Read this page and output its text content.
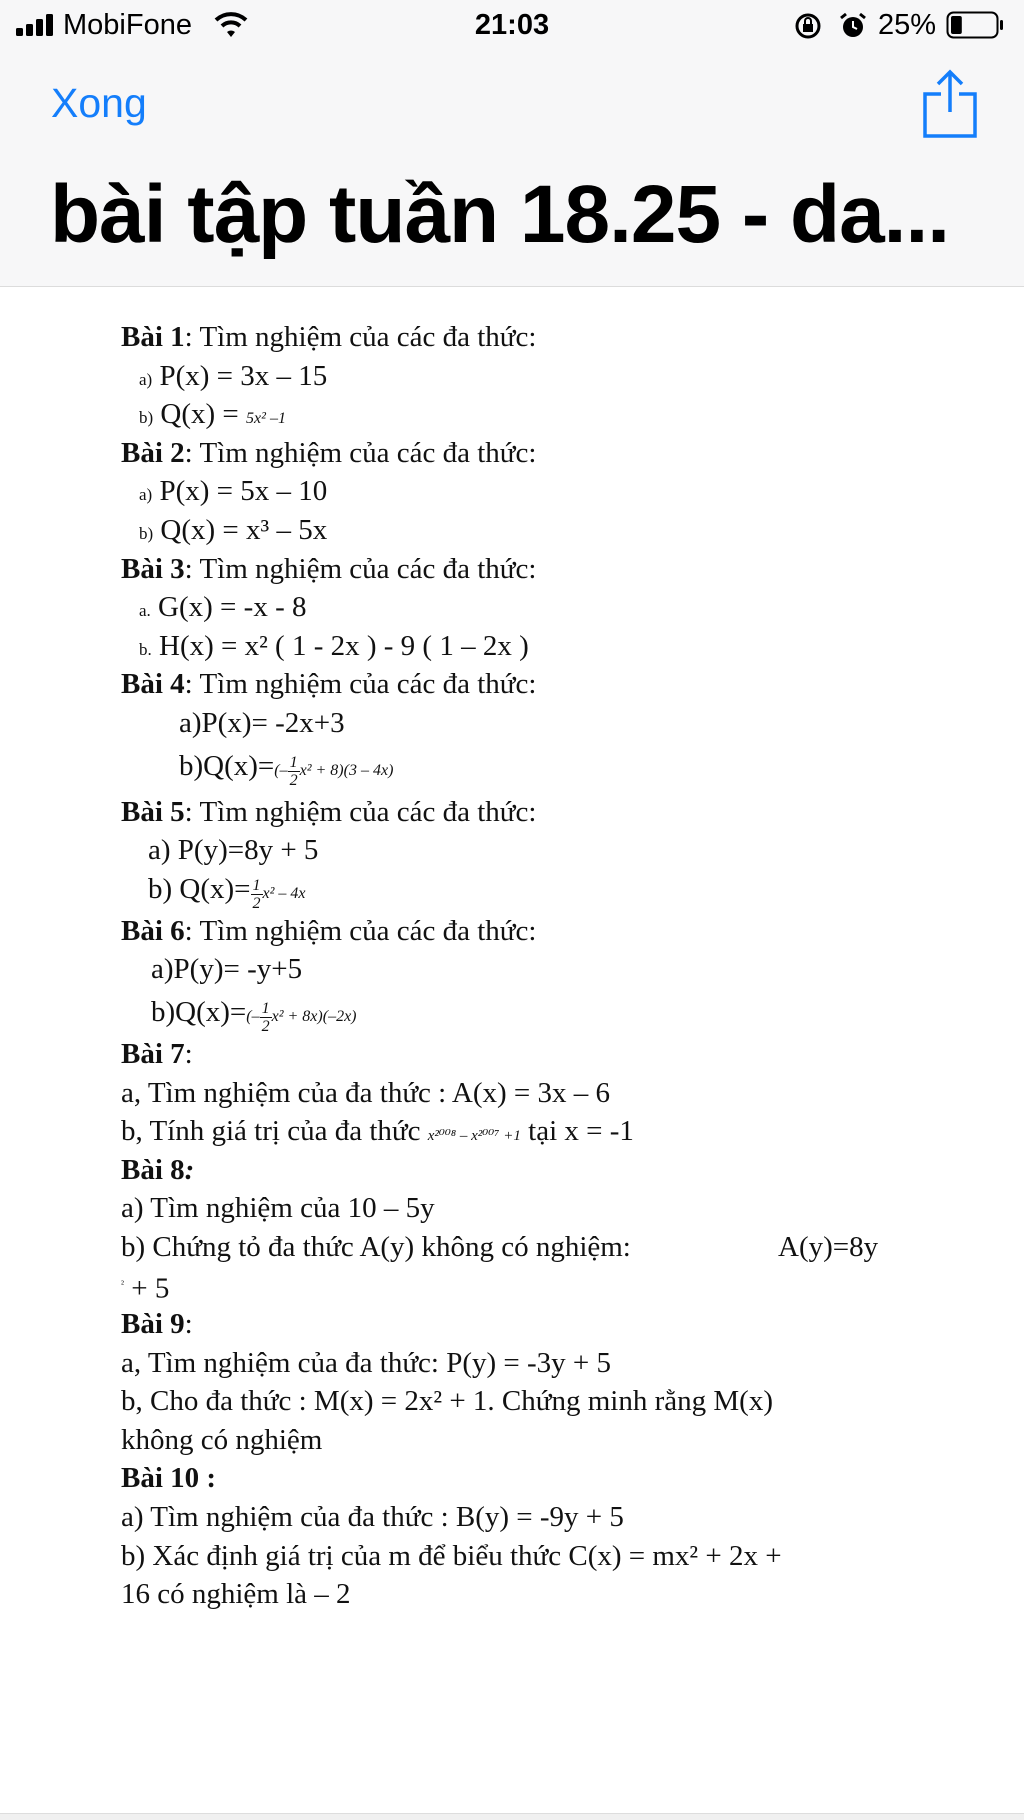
MobiFone	21:03	25%
Xong
bài tập tuần 18.25 - da...
Bài 1: Tìm nghiệm của các đa thức:
a) P(x) = 3x – 15
b) Q(x) = 5x² –1
Bài 2: Tìm nghiệm của các đa thức:
a) P(x) = 5x – 10
b) Q(x) = x³ – 5x
Bài 3: Tìm nghiệm của các đa thức:
a. G(x) = -x - 8
b. H(x) = x² ( 1 - 2x ) - 9 ( 1 – 2x )
Bài 4: Tìm nghiệm của các đa thức:
a)P(x)= -2x+3
$b)Q(x)=(- \frac{1}{2} x^2 + 8)(3 - 4x)$
Bài 5: Tìm nghiệm của các đa thức:
a) P(y)=8y + 5
b) $Q(x)= \frac{1}{2} x^2 - 4x$
Bài 6: Tìm nghiệm của các đa thức:
a)P(y)= -y+5
$b)Q(x)=(- \frac{1}{2} x^2 + 8x)(-2x)$
Bài 7:
a, Tìm nghiệm của đa thức : A(x) = 3x – 6
b, Tính giá trị của đa thức x²⁰⁰⁸ – x²⁰⁰⁷ +1 tại x = -1
Bài 8:
a) Tìm nghiệm của 10 – 5y
b) Chứng tỏ đa thức A(y) không có nghiệm:	A(y)=8y
$^{^2}$ + 5
Bài 9:
a, Tìm nghiệm của đa thức: P(y) = -3y + 5
b, Cho đa thức : M(x) = 2x² + 1. Chứng minh rằng M(x)
không có nghiệm
Bài 10 :
a) Tìm nghiệm của đa thức : B(y) = -9y + 5
b) Xác định giá trị của m để biểu thức C(x) = mx² + 2x +
16 có nghiệm là – 2
